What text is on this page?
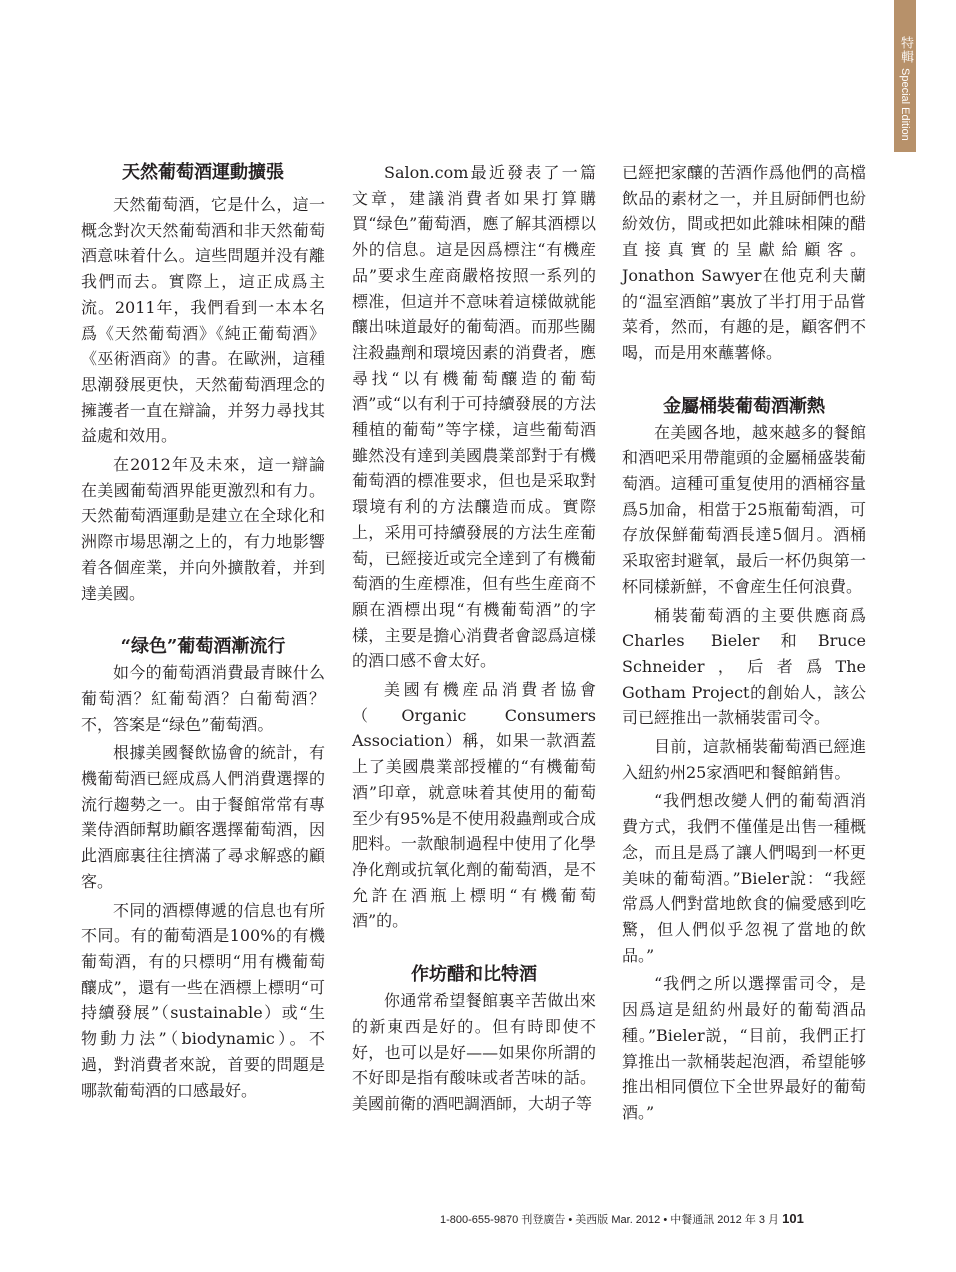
特輯
Special Edition
天然葡萄酒運動擴張

天然葡萄酒，它是什么，這一概念對次天然葡萄酒和非天然葡萄酒意味着什么。這些問題并没有離我們而去。實際上，這正成爲主流。2011年，我們看到一本本名爲《天然葡萄酒》《純正葡萄酒》《巫術酒商》的書。在歐洲，這種思潮發展更快，天然葡萄酒理念的擁護者一直在辯論，并努力尋找其益處和效用。

在2012年及未來，這一辯論在美國葡萄酒界能更激烈和有力。天然葡萄酒運動是建立在全球化和洲際市場思潮之上的，有力地影響着各個産業，并向外擴散着，并到達美國。

“绿色”葡萄酒漸流行

如今的葡萄酒消費最青睞什么葡萄酒？紅葡萄酒？白葡萄酒？不，答案是“绿色”葡萄酒。

根據美國餐飲協會的統計，有機葡萄酒已經成爲人們消費選擇的流行趨勢之一。由于餐館常常有專業侍酒師幫助顧客選擇葡萄酒，因此酒廊裏往往擠滿了尋求解惑的顧客。

不同的酒標傳遞的信息也有所不同。有的葡萄酒是100%的有機葡萄酒，有的只標明“用有機葡萄釀成”，還有一些在酒標上標明“可持續發展”（sustainable）或“生物動力法”（biodynamic）。不過，對消費者來說，首要的問題是哪款葡萄酒的口感最好。

Salon.com最近發表了一篇文章，建議消費者如果打算購買“绿色”葡萄酒，應了解其酒標以外的信息。這是因爲標注“有機産品”要求生産商嚴格按照一系列的標准，但這并不意味着這樣做就能釀出味道最好的葡萄酒。而那些關注殺蟲劑和環境因素的消費者，應尋找“以有機葡萄釀造的葡萄酒”或“以有利于可持續發展的方法種植的葡萄”等字樣，這些葡萄酒雖然没有達到美國農業部對于有機葡萄酒的標准要求，但也是采取對環境有利的方法釀造而成。實際上，采用可持續發展的方法生産葡萄，已經接近或完全達到了有機葡萄酒的生産標准，但有些生産商不願在酒標出現“有機葡萄酒”的字樣，主要是擔心消費者會認爲這樣的酒口感不會太好。

美國有機産品消費者協會（Organic Consumers Association）稱，如果一款酒蓋上了美國農業部授權的“有機葡萄酒”印章，就意味着其使用的葡萄至少有95%是不使用殺蟲劑或合成肥料。一款酿制過程中使用了化學净化劑或抗氧化劑的葡萄酒，是不允許在酒瓶上標明“有機葡萄酒”的。

作坊醋和比特酒

你通常希望餐館裏辛苦做出來的新東西是好的。但有時即使不好，也可以是好——如果你所謂的不好即是指有酸味或者苦味的話。美國前衛的酒吧調酒師，大胡子等

已經把家釀的苦酒作爲他們的高檔飲品的素材之一，并且厨師們也紛紛效仿，間或把如此雜味相陳的醋直接真實的呈獻給顧客。Jonathon Sawyer在他克利夫蘭的“温室酒館”裏放了半打用于品嘗菜肴，然而，有趣的是，顧客們不喝，而是用來蘸薯條。

金屬桶裝葡萄酒漸熱

在美國各地，越來越多的餐館和酒吧采用帶龍頭的金屬桶盛裝葡萄酒。這種可重复使用的酒桶容量爲5加侖，相當于25瓶葡萄酒，可存放保鮮葡萄酒長達5個月。酒桶采取密封避氧，最后一杯仍與第一杯同樣新鮮，不會産生任何浪費。

桶裝葡萄酒的主要供應商爲Charles Bieler和Bruce Schneider，后者爲The Gotham Project的創始人，該公司已經推出一款桶裝雷司令。

目前，這款桶裝葡萄酒已經進入紐約州25家酒吧和餐館銷售。

“我們想改變人們的葡萄酒消費方式，我們不僅僅是出售一種概念，而且是爲了讓人們喝到一杯更美味的葡萄酒。”Bieler說：“我經常爲人們對當地飲食的偏愛感到吃驚，但人們似乎忽視了當地的飲品。”

“我們之所以選擇雷司令，是因爲這是紐約州最好的葡萄酒品種。”Bieler説，“目前，我們正打算推出一款桶裝起泡酒，希望能够推出相同價位下全世界最好的葡萄酒。”

1-800-655-9870 刊登廣告 • 美西版 Mar. 2012 • 中餐通訊 2012 年 3 月 101
